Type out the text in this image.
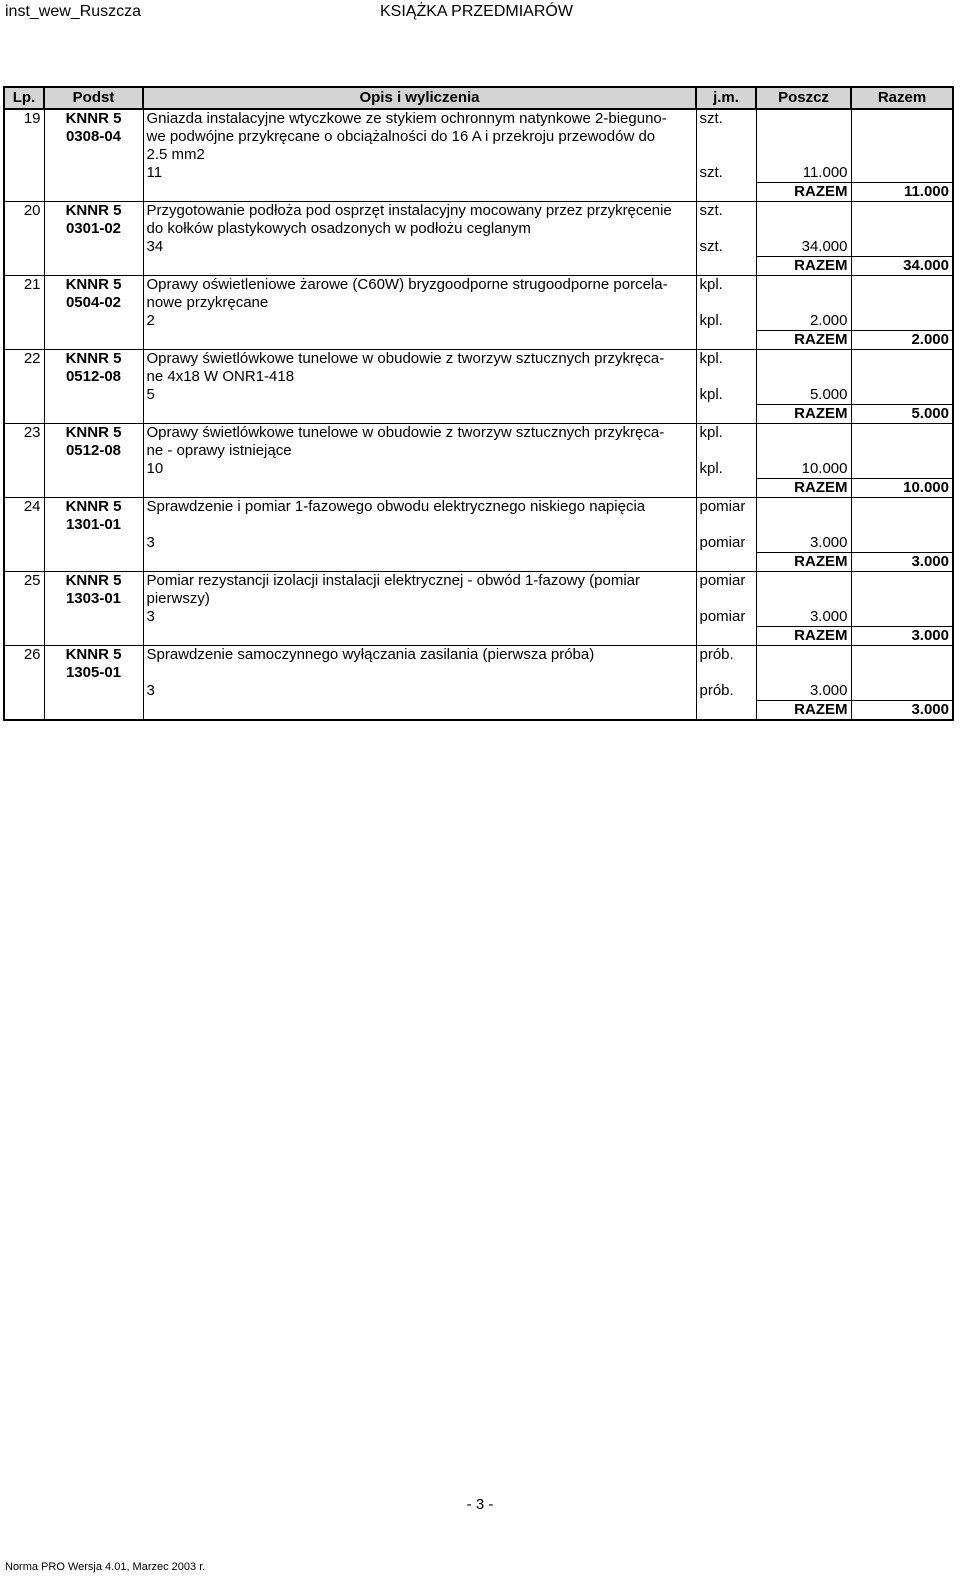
inst_wew_Ruszcza	KSIĄŻKA PRZEDMIARÓW
Lp.	Podst	Opis i wyliczenia	j.m.	Poszcz	Razem
19	KNNR 5	Gniazda instalacyjne wtyczkowe ze stykiem ochronnym natynkowe 2-bieguno-	szt.		
	0308-04	we podwójne przykręcane o obciążalności do 16 A i przekroju przewodów do			
		2.5 mm2			
		11	szt.	11.000	
				RAZEM	11.000
20	KNNR 5	Przygotowanie podłoża pod osprzęt instalacyjny mocowany przez przykręcenie	szt.		
	0301-02	do kołków plastykowych osadzonych w podłożu ceglanym			
		34	szt.	34.000	
				RAZEM	34.000
21	KNNR 5	Oprawy oświetleniowe żarowe (C60W) bryzgoodporne strugoodporne porcela-	kpl.		
	0504-02	nowe przykręcane			
		2	kpl.	2.000	
				RAZEM	2.000
22	KNNR 5	Oprawy świetlówkowe tunelowe w obudowie z tworzyw sztucznych przykręca-	kpl.		
	0512-08	ne 4x18 W ONR1-418			
		5	kpl.	5.000	
				RAZEM	5.000
23	KNNR 5	Oprawy świetlówkowe tunelowe w obudowie z tworzyw sztucznych przykręca-	kpl.		
	0512-08	ne - oprawy istniejące			
		10	kpl.	10.000	
				RAZEM	10.000
24	KNNR 5	Sprawdzenie i pomiar 1-fazowego obwodu elektrycznego niskiego napięcia	pomiar		
	1301-01				
		3	pomiar	3.000	
				RAZEM	3.000
25	KNNR 5	Pomiar rezystancji izolacji instalacji elektrycznej - obwód 1-fazowy (pomiar	pomiar		
	1303-01	pierwszy)			
		3	pomiar	3.000	
				RAZEM	3.000
26	KNNR 5	Sprawdzenie samoczynnego wyłączania zasilania (pierwsza próba)	prób.		
	1305-01				
		3	prób.	3.000	
				RAZEM	3.000
- 3 -
Norma PRO Wersja 4.01, Marzec 2003 r.
